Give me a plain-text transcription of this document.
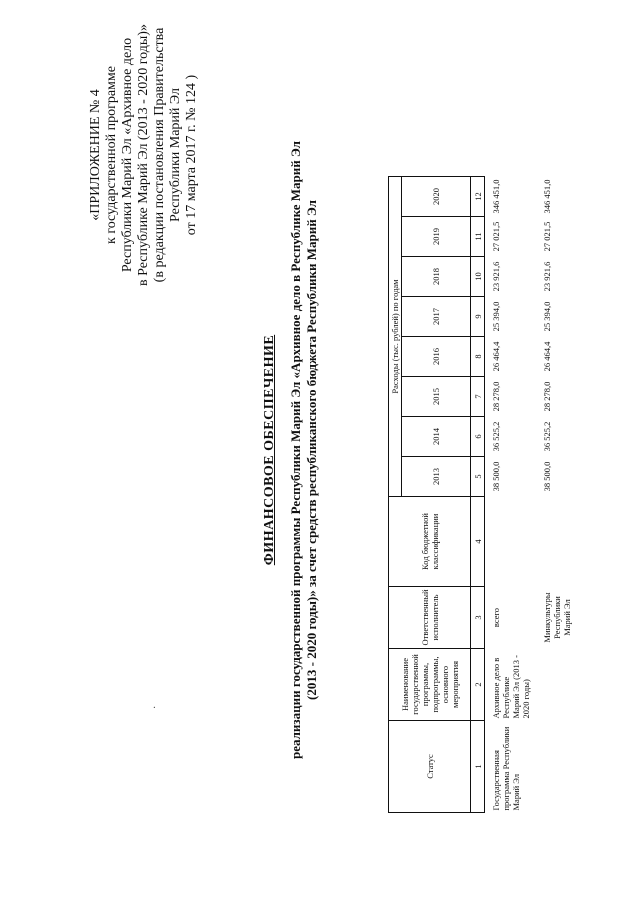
·
«ПРИЛОЖЕНИЕ № 4 к государственной программе Республики Марий Эл «Архивное дело в Республике Марий Эл (2013 - 2020 годы)» (в редакции постановления Правительства Республики Марий Эл от 17 марта 2017 г. № 124 )
ФИНАНСОВОЕ ОБЕСПЕЧЕНИЕ реализации государственной программы Республики Марий Эл «Архивное дело в Республике Марий Эл (2013 - 2020 годы)» за счет средств республиканского бюджета Республики Марий Эл
Статус	Наименование государственной программы, подпрограммы, основного мероприятия	Ответственный исполнитель	Код бюджетной классификации	Расходы (тыс. рублей) по годам							
				2013	2014	2015	2016	2017	2018	2019	2020
1	2	3	4	5	6	7	8	9	10	11	12
Государственная программа Республики Марий Эл	Архивное дело в Республике Марий Эл (2013 - 2020 годы)	всего		38 500,0	36 525,2	28 278,0	26 464,4	25 394,0	23 921,6	27 021,5	346 451,0
		Минкультуры Республики Марий Эл		38 500,0	36 525,2	28 278,0	26 464,4	25 394,0	23 921,6	27 021,5	346 451,0
